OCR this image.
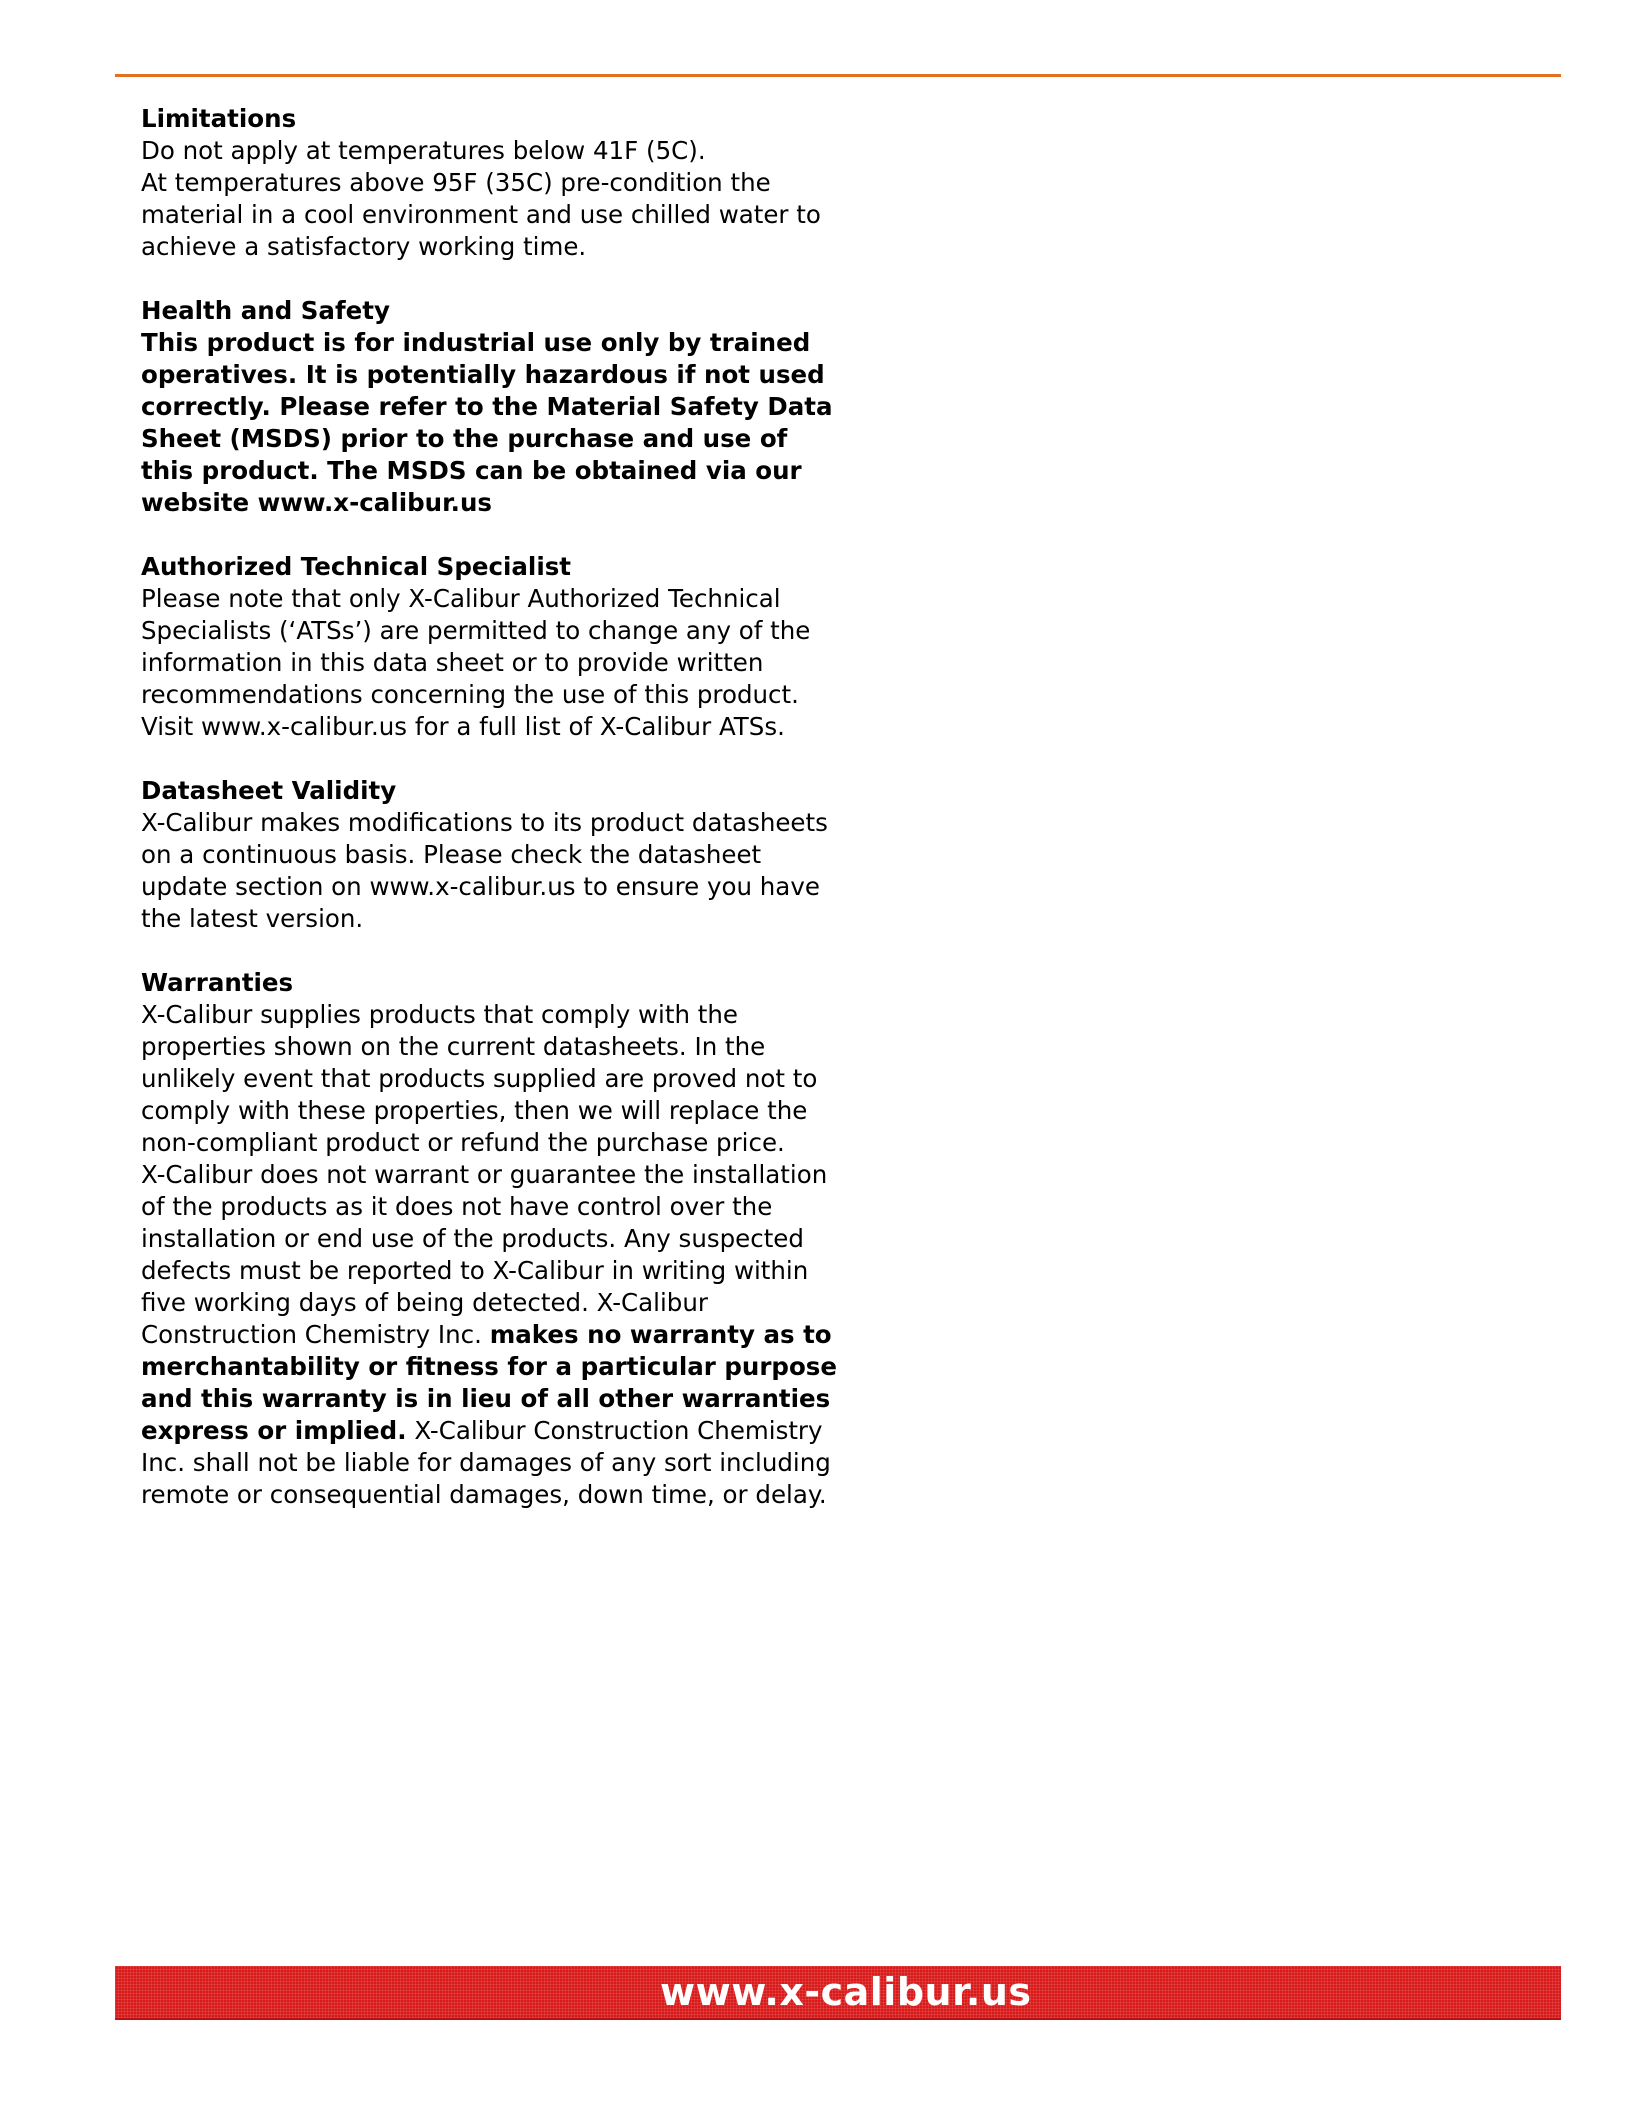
Limitations
Do not apply at temperatures below 41F (5C).
At temperatures above 95F (35C) pre-condition the
material in a cool environment and use chilled water to
achieve a satisfactory working time.
Health and Safety
This product is for industrial use only by trained
operatives. It is potentially hazardous if not used
correctly. Please refer to the Material Safety Data
Sheet (MSDS) prior to the purchase and use of
this product. The MSDS can be obtained via our
website www.x-calibur.us
Authorized Technical Specialist
Please note that only X-Calibur Authorized Technical
Specialists (‘ATSs’) are permitted to change any of the
information in this data sheet or to provide written
recommendations concerning the use of this product.
Visit www.x-calibur.us for a full list of X-Calibur ATSs.
Datasheet Validity
X-Calibur makes modifications to its product datasheets
on a continuous basis. Please check the datasheet
update section on www.x-calibur.us to ensure you have
the latest version.
Warranties
X-Calibur supplies products that comply with the
properties shown on the current datasheets. In the
unlikely event that products supplied are proved not to
comply with these properties, then we will replace the
non-compliant product or refund the purchase price.
X-Calibur does not warrant or guarantee the installation
of the products as it does not have control over the
installation or end use of the products. Any suspected
defects must be reported to X-Calibur in writing within
five working days of being detected. X-Calibur
Construction Chemistry Inc. makes no warranty as to
merchantability or fitness for a particular purpose
and this warranty is in lieu of all other warranties
express or implied. X-Calibur Construction Chemistry
Inc. shall not be liable for damages of any sort including
remote or consequential damages, down time, or delay.
www.x-calibur.us
